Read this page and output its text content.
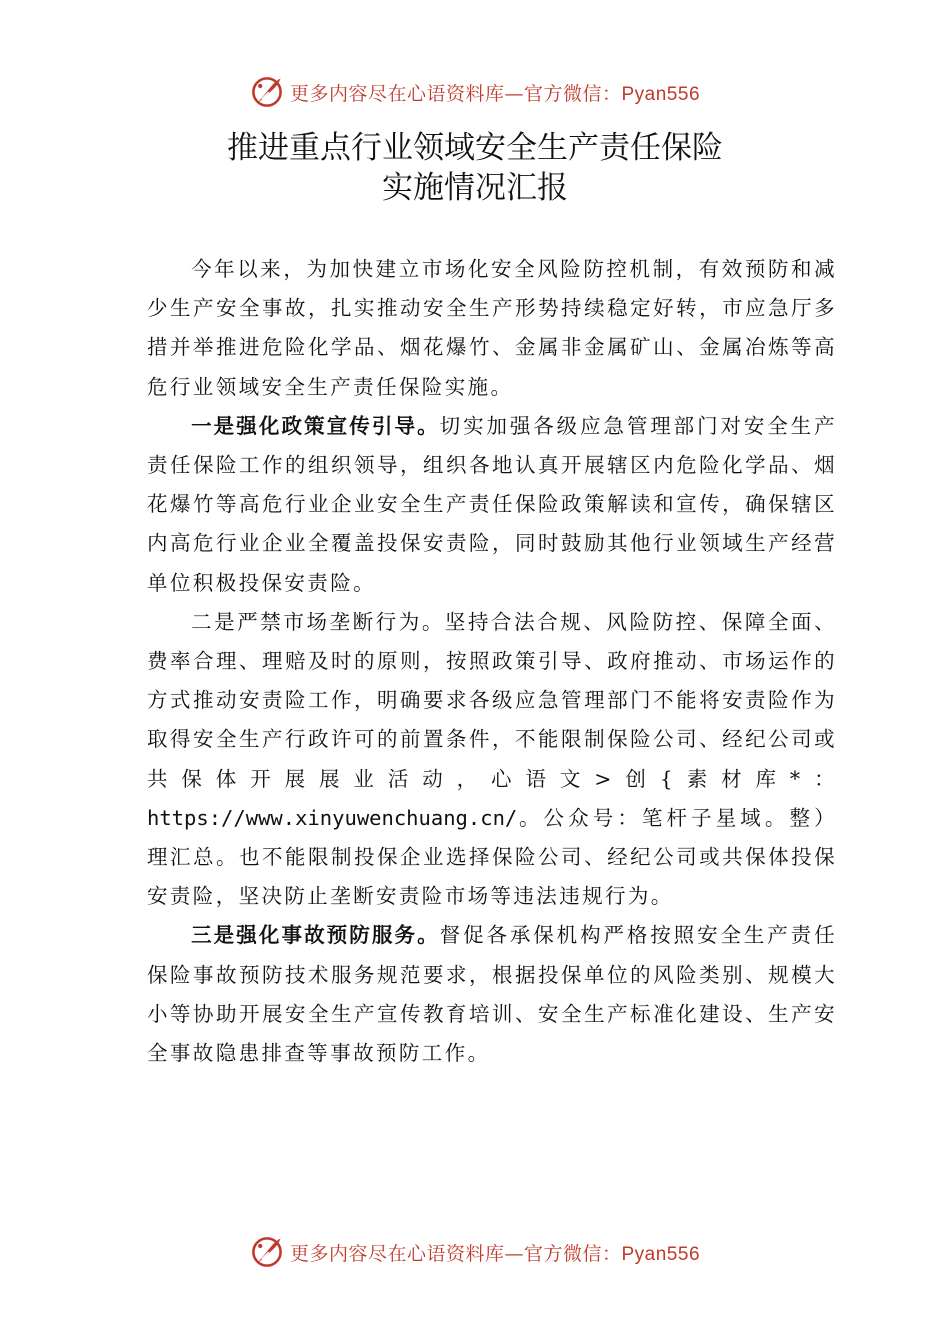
更多内容尽在心语资料库—官方微信：Pyan556
推进重点行业领域安全生产责任保险
实施情况汇报

今年以来，为加快建立市场化安全风险防控机制，有效预防和减少生产安全事故，扎实推动安全生产形势持续稳定好转，市应急厅多措并举推进危险化学品、烟花爆竹、金属非金属矿山、金属冶炼等高危行业领域安全生产责任保险实施。

一是强化政策宣传引导。切实加强各级应急管理部门对安全生产责任保险工作的组织领导，组织各地认真开展辖区内危险化学品、烟花爆竹等高危行业企业安全生产责任保险政策解读和宣传，确保辖区内高危行业企业全覆盖投保安责险，同时鼓励其他行业领域生产经营单位积极投保安责险。

二是严禁市场垄断行为。坚持合法合规、风险防控、保障全面、费率合理、理赔及时的原则，按照政策引导、政府推动、市场运作的方式推动安责险工作，明确要求各级应急管理部门不能将安责险作为取得安全生产行政许可的前置条件，不能限制保险公司、经纪公司或共保体开展展业活动，心语文>创{素材库*：https://www.xinyuwenchuang.cn/。公众号：笔杆子星域。整）理汇总。也不能限制投保企业选择保险公司、经纪公司或共保体投保安责险，坚决防止垄断安责险市场等违法违规行为。

三是强化事故预防服务。督促各承保机构严格按照安全生产责任保险事故预防技术服务规范要求，根据投保单位的风险类别、规模大小等协助开展安全生产宣传教育培训、安全生产标准化建设、生产安全事故隐患排查等事故预防工作。

更多内容尽在心语资料库—官方微信：Pyan556
